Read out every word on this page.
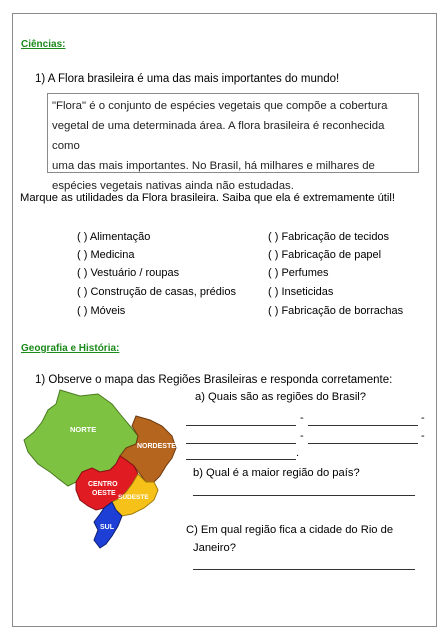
Ciências:
1) A Flora brasileira é uma das mais importantes do mundo!
"Flora" é o conjunto de espécies vegetais que compõe a cobertura
vegetal de uma determinada área. A flora brasileira é reconhecida como
uma das mais importantes. No Brasil, há milhares e milhares de
espécies vegetais nativas ainda não estudadas.
Marque as utilidades da Flora brasileira. Saiba que ela é extremamente útil!
( ) Alimentação
( ) Medicina
( ) Vestuário / roupas
( ) Construção de casas, prédios
( ) Móveis
( ) Fabricação de tecidos
( ) Fabricação de papel
( ) Perfumes
( ) Inseticidas
( ) Fabricação de borrachas
Geografia e História:
1) Observe o mapa das Regiões Brasileiras e responda corretamente:
NORTE
NORDESTE
CENTRO
OESTE
SUDESTE
SUL
a) Quais são as regiões do Brasil?
-	-
-	-
.
b) Qual é a maior região do país?
C) Em qual região fica a cidade do Rio de
Janeiro?
